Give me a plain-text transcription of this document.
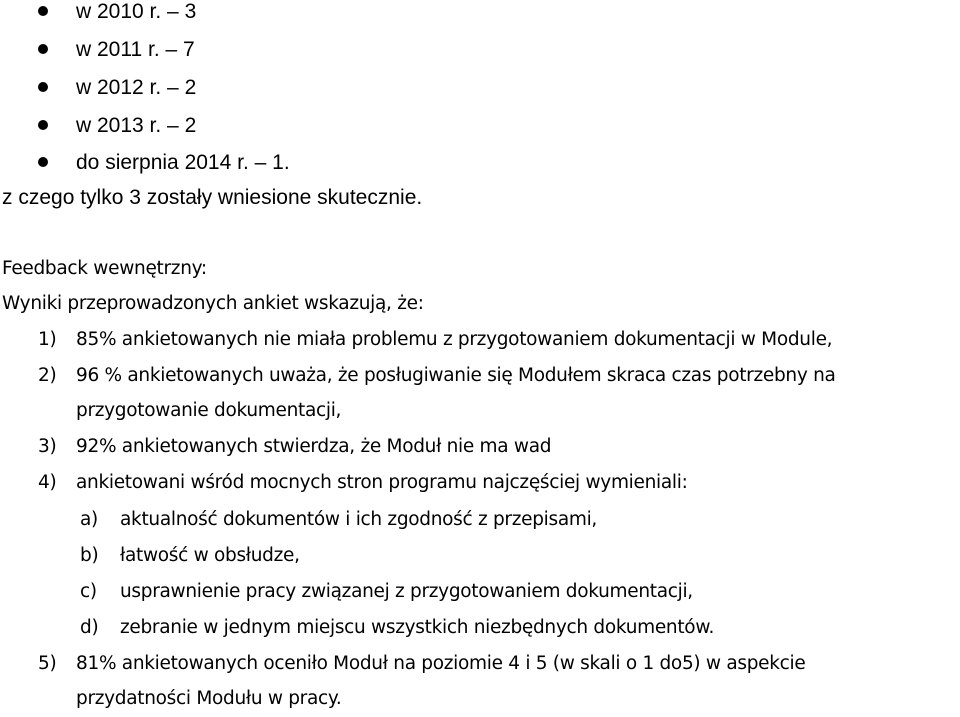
w 2010 r. – 3
w 2011 r. – 7
w 2012 r. – 2
w 2013 r. – 2
do sierpnia 2014 r. – 1.
z czego tylko 3 zostały wniesione skutecznie.
Feedback wewnętrzny:
Wyniki przeprowadzonych ankiet wskazują, że:
1) 85% ankietowanych nie miała problemu z przygotowaniem dokumentacji w Module,
2) 96 % ankietowanych uważa, że posługiwanie się Modułem skraca czas potrzebny na
przygotowanie dokumentacji,
3) 92% ankietowanych stwierdza, że Moduł nie ma wad
4) ankietowani wśród mocnych stron programu najczęściej wymieniali:
a) aktualność dokumentów i ich zgodność z przepisami,
b) łatwość w obsłudze,
c) usprawnienie pracy związanej z przygotowaniem dokumentacji,
d) zebranie w jednym miejscu wszystkich niezbędnych dokumentów.
5) 81% ankietowanych oceniło Moduł na poziomie 4 i 5 (w skali o 1 do5) w aspekcie
przydatności Modułu w pracy.
